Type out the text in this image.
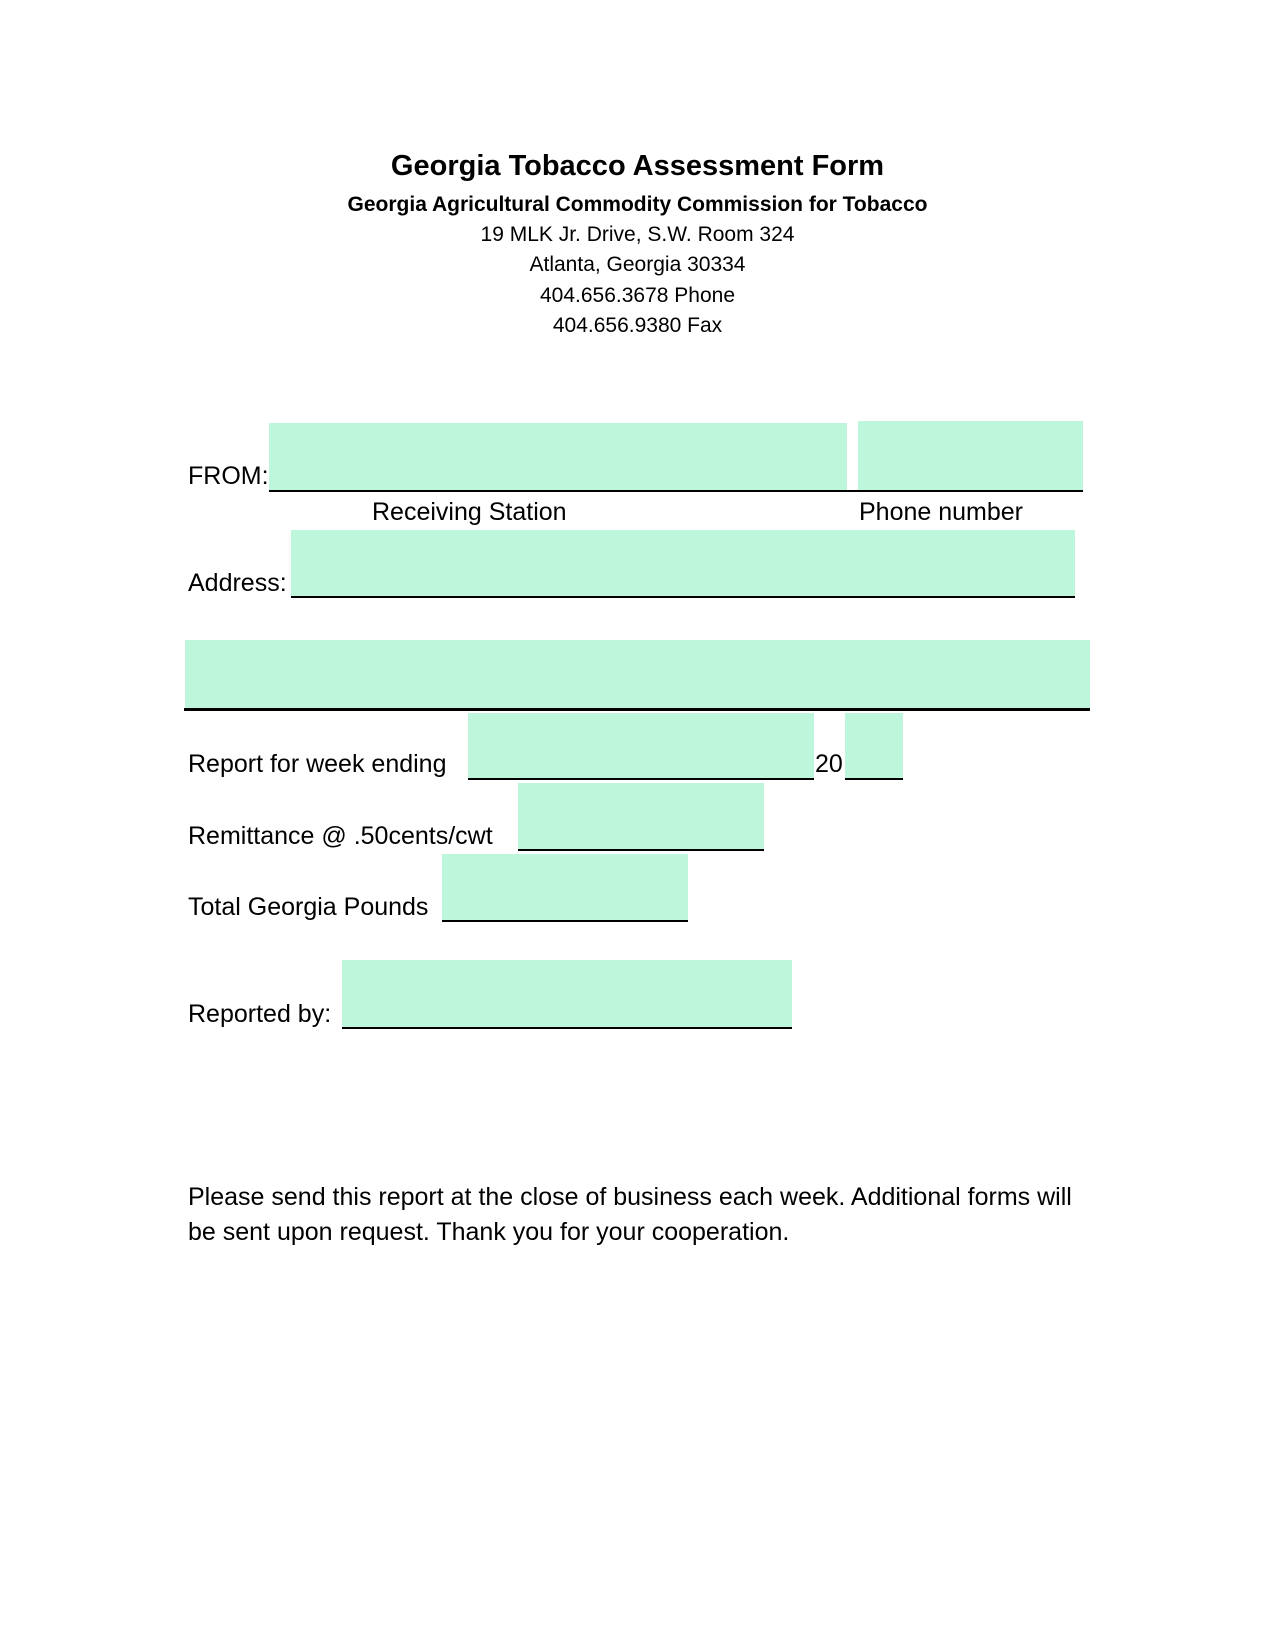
Georgia Tobacco Assessment Form
Georgia Agricultural Commodity Commission for Tobacco
19 MLK Jr. Drive, S.W. Room 324
Atlanta, Georgia 30334
404.656.3678 Phone
404.656.9380 Fax
FROM:
Receiving Station	Phone number
Address:
Report for week ending	20
Remittance @ .50cents/cwt
Total Georgia Pounds
Reported by:
Please send this report at the close of business each week. Additional forms will be sent upon request. Thank you for your cooperation.
